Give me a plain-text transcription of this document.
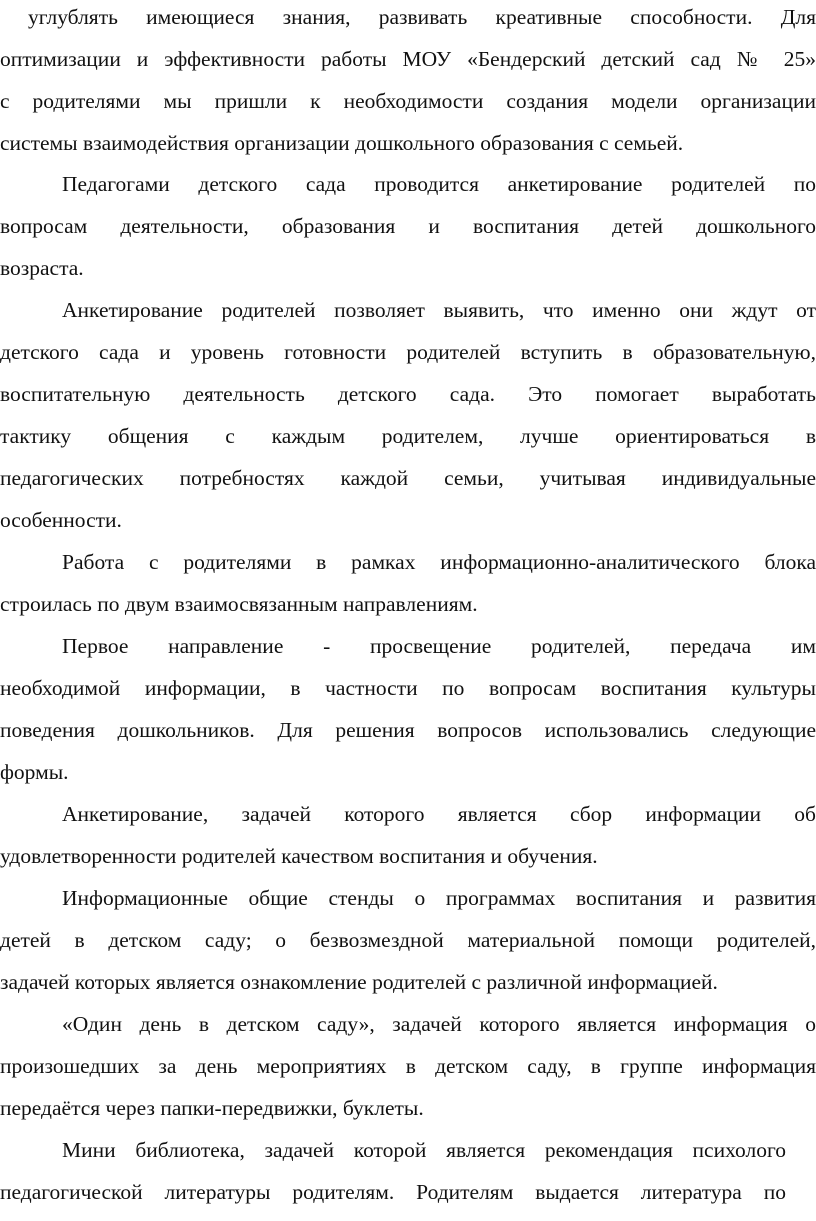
углублять имеющиеся знания, развивать креативные способности. Для
оптимизации и эффективности работы МОУ «Бендерский детский сад № 25»
с родителями мы пришли к необходимости создания модели организации
системы взаимодействия организации дошкольного образования с семьей.
Педагогами детского сада проводится анкетирование родителей по
вопросам деятельности, образования и воспитания детей дошкольного
возраста.
Анкетирование родителей позволяет выявить, что именно они ждут от
детского сада и уровень готовности родителей вступить в образовательную,
воспитательную деятельность детского сада. Это помогает выработать
тактику общения с каждым родителем, лучше ориентироваться в
педагогических потребностях каждой семьи, учитывая индивидуальные
особенности.
Работа с родителями в рамках информационно-аналитического блока
строилась по двум взаимосвязанным направлениям.
Первое направление - просвещение родителей, передача им
необходимой информации, в частности по вопросам воспитания культуры
поведения дошкольников. Для решения вопросов использовались следующие
формы.
Анкетирование, задачей которого является сбор информации об
удовлетворенности родителей качеством воспитания и обучения.
Информационные общие стенды о программах воспитания и развития
детей в детском саду; о безвозмездной материальной помощи родителей,
задачей которых является ознакомление родителей с различной информацией.
«Один день в детском саду», задачей которого является информация о
произошедших за день мероприятиях в детском саду, в группе информация
передаётся через папки-передвижки, буклеты.
Мини библиотека, задачей которой является рекомендация психолого
педагогической литературы родителям. Родителям выдается литература по
